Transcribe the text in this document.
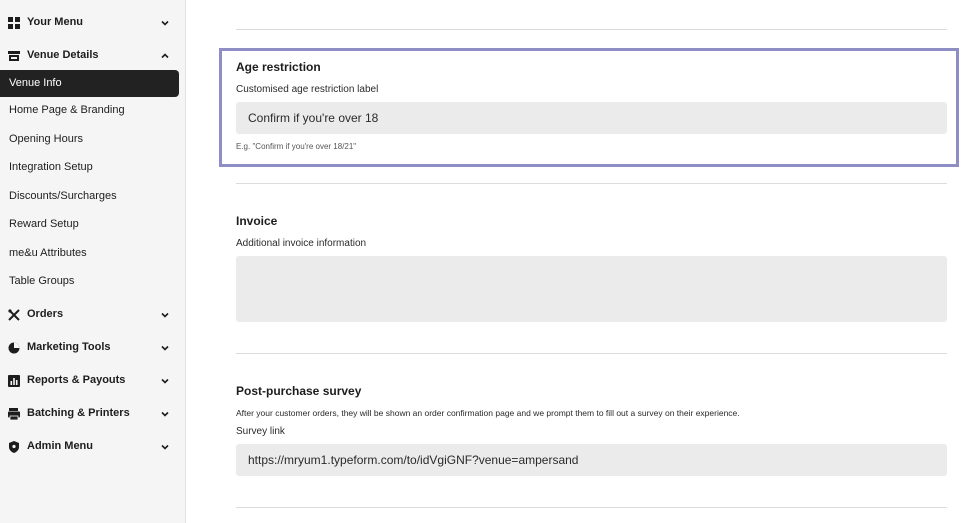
Your Menu
Venue Details
Venue Info
Home Page & Branding
Opening Hours
Integration Setup
Discounts/Surcharges
Reward Setup
me&u Attributes
Table Groups
Orders
Marketing Tools
Reports & Payouts
Batching & Printers
Admin Menu
Age restriction
Customised age restriction label
Confirm if you're over 18
E.g. "Confirm if you're over 18/21"
Invoice
Additional invoice information
Post-purchase survey

After your customer orders, they will be shown an order confirmation page and we prompt them to fill out a survey on their experience.

Survey link
https://mryum1.typeform.com/to/idVgiGNF?venue=ampersand
